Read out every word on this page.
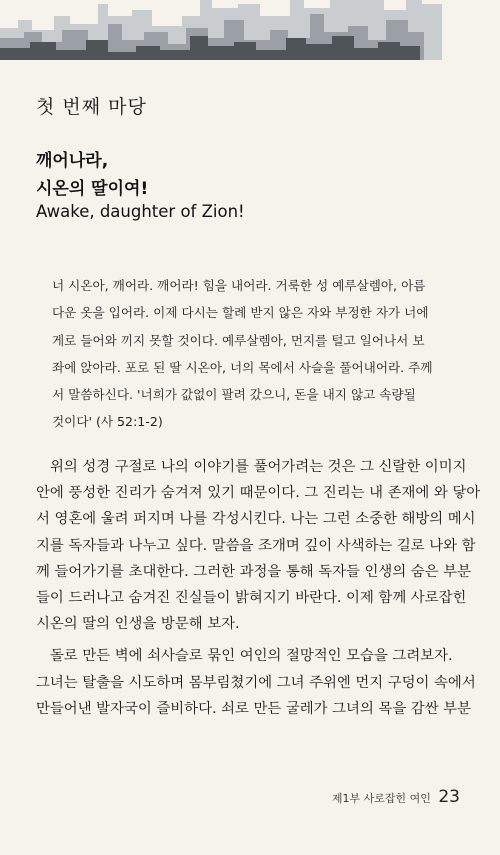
첫 번째 마당
깨어나라,
시온의 딸이여!
Awake, daughter of Zion!
너 시온아, 깨어라. 깨어라! 힘을 내어라. 거룩한 성 예루살렘아, 아름
다운 옷을 입어라. 이제 다시는 할례 받지 않은 자와 부정한 자가 너에
게로 들어와 끼지 못할 것이다. 예루살렘아, 먼지를 털고 일어나서 보
좌에 앉아라. 포로 된 딸 시온아, 너의 목에서 사슬을 풀어내어라. 주께
서 말씀하신다. '너희가 값없이 팔려 갔으니, 돈을 내지 않고 속량될
것이다' (사 52:1-2)
위의 성경 구절로 나의 이야기를 풀어가려는 것은 그 신랄한 이미지
안에 풍성한 진리가 숨겨져 있기 때문이다. 그 진리는 내 존재에 와 닿아
서 영혼에 울려 퍼지며 나를 각성시킨다. 나는 그런 소중한 해방의 메시
지를 독자들과 나누고 싶다. 말씀을 조개며 깊이 사색하는 길로 나와 함
께 들어가기를 초대한다. 그러한 과정을 통해 독자들 인생의 숨은 부분
들이 드러나고 숨겨진 진실들이 밝혀지기 바란다. 이제 함께 사로잡힌
시온의 딸의 인생을 방문해 보자.
돌로 만든 벽에 쇠사슬로 묶인 여인의 절망적인 모습을 그려보자.
그녀는 탈출을 시도하며 몸부림쳤기에 그녀 주위엔 먼지 구덩이 속에서
만들어낸 발자국이 즐비하다. 쇠로 만든 굴레가 그녀의 목을 감싼 부분
제1부 사로잡힌 여인 23
